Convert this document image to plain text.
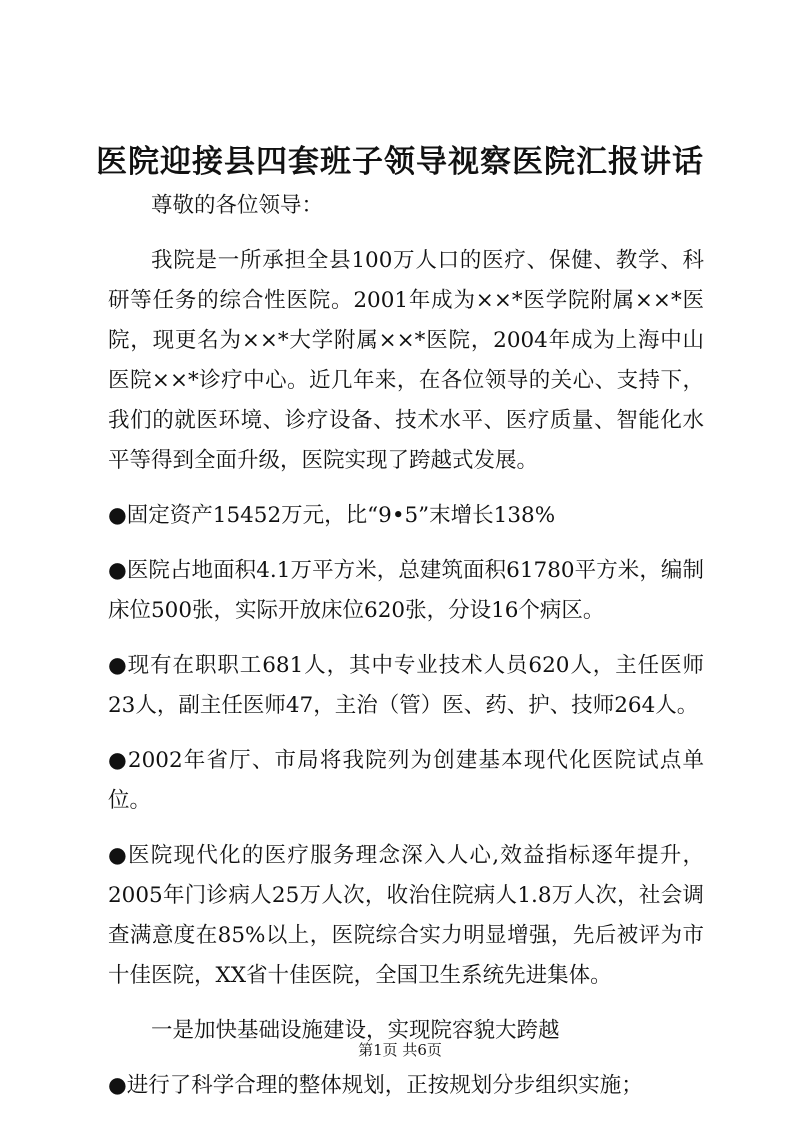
医院迎接县四套班子领导视察医院汇报讲话

尊敬的各位领导：

我院是一所承担全县100万人口的医疗、保健、教学、科研等任务的综合性医院。2001年成为××*医学院附属××*医院，现更名为××*大学附属××*医院，2004年成为上海中山医院××*诊疗中心。近几年来，在各位领导的关心、支持下，我们的就医环境、诊疗设备、技术水平、医疗质量、智能化水平等得到全面升级，医院实现了跨越式发展。

●固定资产15452万元，比“9•5”末增长138%

●医院占地面积4.1万平方米，总建筑面积61780平方米，编制床位500张，实际开放床位620张，分设16个病区。

●现有在职职工681人，其中专业技术人员620人，主任医师23人，副主任医师47，主治（管）医、药、护、技师264人。

●2002年省厅、市局将我院列为创建基本现代化医院试点单位。

●医院现代化的医疗服务理念深入人心,效益指标逐年提升，2005年门诊病人25万人次，收治住院病人1.8万人次，社会调查满意度在85%以上，医院综合实力明显增强，先后被评为市十佳医院，XX省十佳医院，全国卫生系统先进集体。

一是加快基础设施建设，实现院容貌大跨越

●进行了科学合理的整体规划，正按规划分步组织实施；

第1页 共6页
